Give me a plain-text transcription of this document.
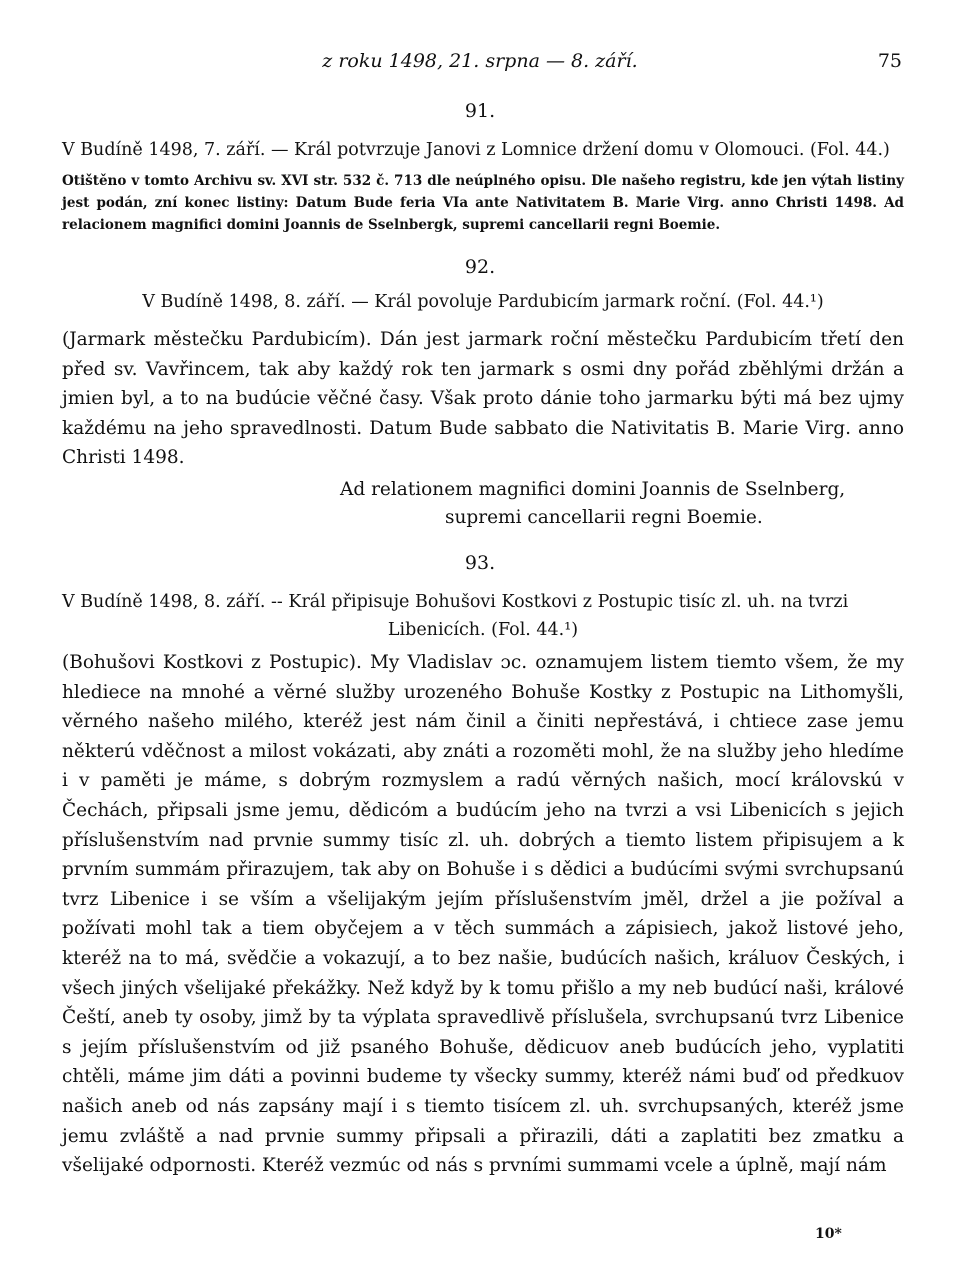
z roku 1498, 21. srpna — 8. září.	75
91.
V Budíně 1498, 7. září. — Král potvrzuje Janovi z Lomnice držení domu v Olomouci. (Fol. 44.)

Otištěno v tomto Archivu sv. XVI str. 532 č. 713 dle neúplného opisu. Dle našeho registru, kde jen výtah listiny jest podán, zní konec listiny: Datum Bude feria VIa ante Nativitatem B. Marie Virg. anno Christi 1498. Ad relacionem magnifici domini Joannis de Sselnbergk, supremi cancellarii regni Boemie.

92.
V Budíně 1498, 8. září. — Král povoluje Pardubicím jarmark roční. (Fol. 44.¹)

(Jarmark městečku Pardubicím). Dán jest jarmark roční městečku Pardubicím třetí den před sv. Vavřincem, tak aby každý rok ten jarmark s osmi dny pořád zběhlými držán a jmien byl, a to na budúcie věčné časy. Však proto dánie toho jarmarku býti má bez ujmy každému na jeho spravedlnosti. Datum Bude sabbato die Nativitatis B. Marie Virg. anno Christi 1498.

Ad relationem magnifici domini Joannis de Sselnberg,
supremi cancellarii regni Boemie.
93.
V Budíně 1498, 8. září. -- Král připisuje Bohušovi Kostkovi z Postupic tisíc zl. uh. na tvrzi
Libenicích. (Fol. 44.¹)

(Bohušovi Kostkovi z Postupic). My Vladislav ɔc. oznamujem listem tiemto všem, že my hlediece na mnohé a věrné služby urozeného Bohuše Kostky z Postupic na Lithomyšli, věrného našeho milého, kteréž jest nám činil a činiti nepřestává, i chtiece zase jemu některú vděčnost a milost vokázati, aby znáti a rozoměti mohl, že na služby jeho hledíme i v paměti je máme, s dobrým rozmyslem a radú věrných našich, mocí královskú v Čechách, připsali jsme jemu, dědicóm a budúcím jeho na tvrzi a vsi Libenicích s jejich příslušenstvím nad prvnie summy tisíc zl. uh. dobrých a tiemto listem připisujem a k prvním summám přirazujem, tak aby on Bohuše i s dědici a budúcími svými svrchupsanú tvrz Libenice i se vším a všelijakým jejím příslušenstvím jměl, držel a jie požíval a požívati mohl tak a tiem obyčejem a v těch summách a zápisiech, jakož listové jeho, kteréž na to má, svědčie a vokazují, a to bez našie, budúcích našich, králuov Českých, i všech jiných všelijaké překážky. Než když by k tomu přišlo a my neb budúcí naši, králové Čeští, aneb ty osoby, jimž by ta výplata spravedlivě příslušela, svrchupsanú tvrz Libenice s jejím příslušenstvím od již psaného Bohuše, dědicuov aneb budúcích jeho, vyplatiti chtěli, máme jim dáti a povinni budeme ty všecky summy, kteréž námi buď od předkuov našich aneb od nás zapsány mají i s tiemto tisícem zl. uh. svrchupsaných, kteréž jsme jemu zvláště a nad prvnie summy připsali a přirazili, dáti a zaplatiti bez zmatku a všelijaké odpornosti. Kteréž vezmúc od nás s prvními summami vcele a úplně, mají nám

10*
